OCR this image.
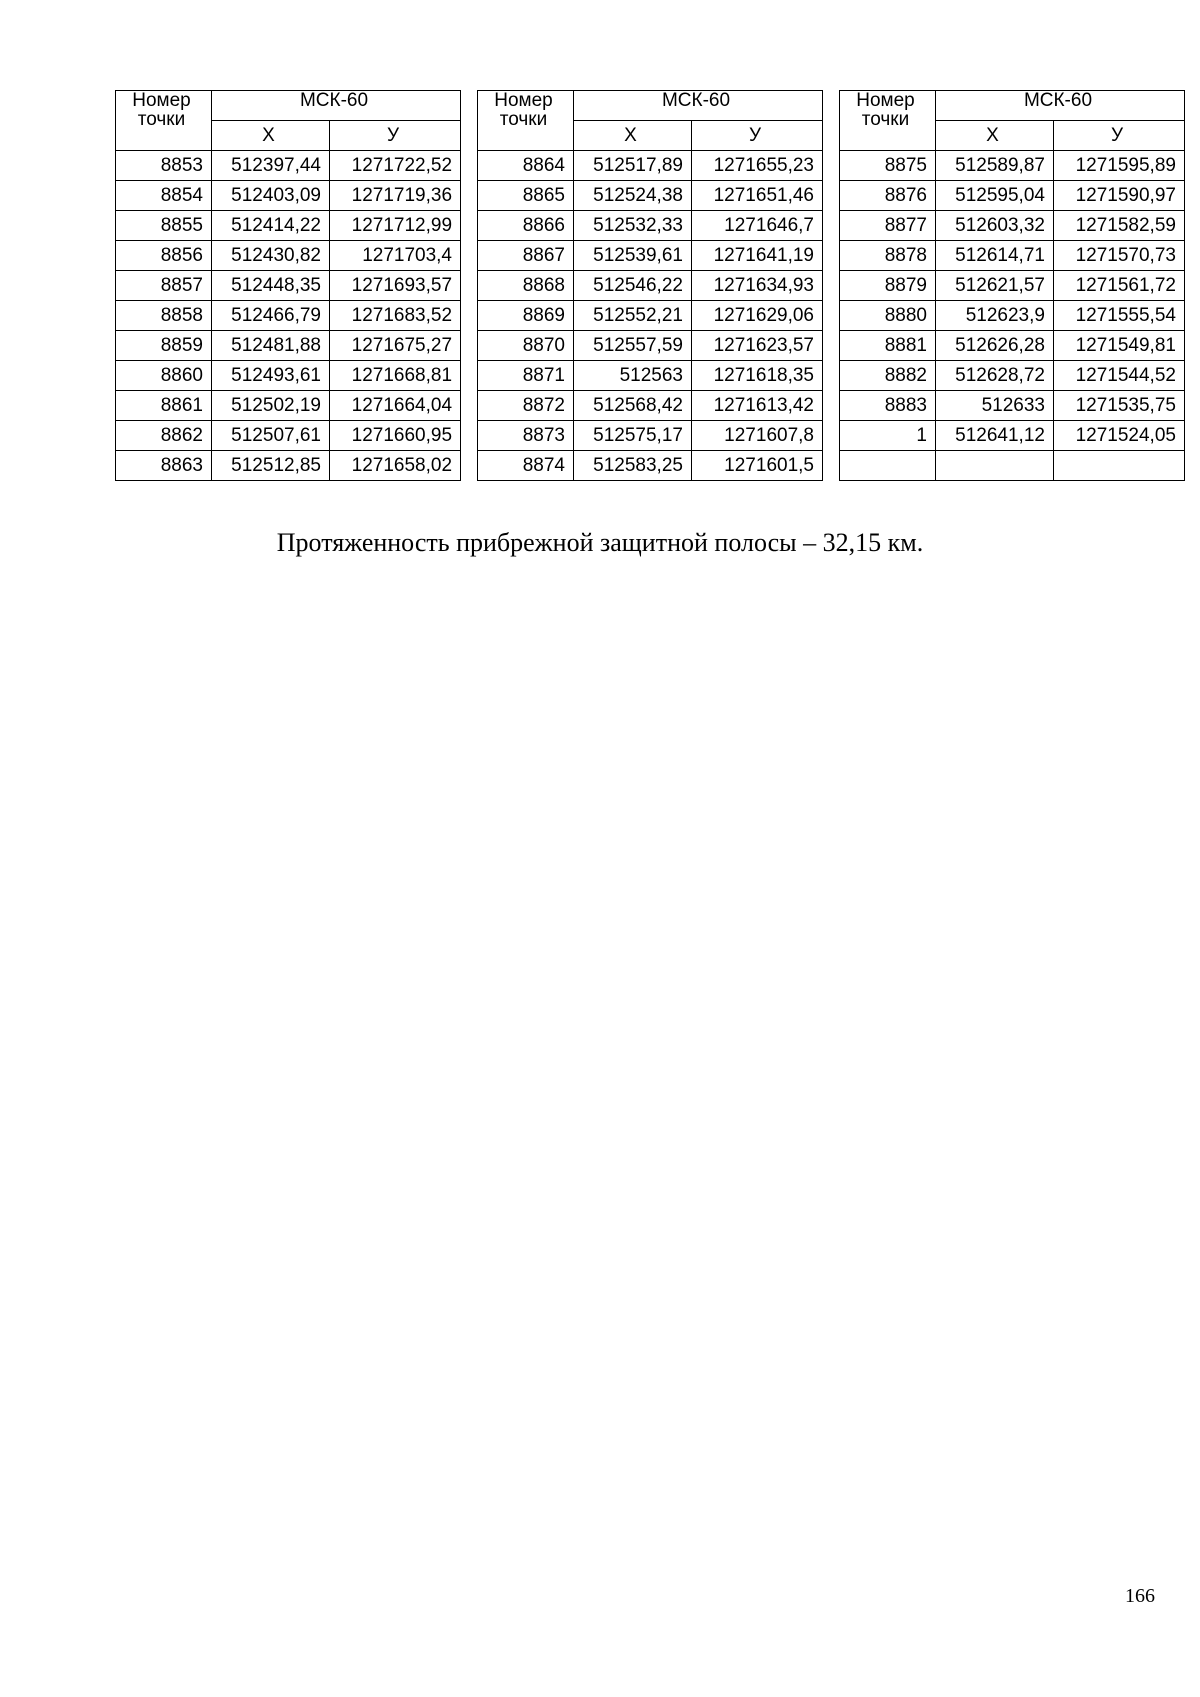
Номер точки	МСК-60	
	Х	У
8853	512397,44	1271722,52
8854	512403,09	1271719,36
8855	512414,22	1271712,99
8856	512430,82	1271703,4
8857	512448,35	1271693,57
8858	512466,79	1271683,52
8859	512481,88	1271675,27
8860	512493,61	1271668,81
8861	512502,19	1271664,04
8862	512507,61	1271660,95
8863	512512,85	1271658,02
Номер точки	МСК-60	
	Х	У
8864	512517,89	1271655,23
8865	512524,38	1271651,46
8866	512532,33	1271646,7
8867	512539,61	1271641,19
8868	512546,22	1271634,93
8869	512552,21	1271629,06
8870	512557,59	1271623,57
8871	512563	1271618,35
8872	512568,42	1271613,42
8873	512575,17	1271607,8
8874	512583,25	1271601,5
Номер точки	МСК-60	
	Х	У
8875	512589,87	1271595,89
8876	512595,04	1271590,97
8877	512603,32	1271582,59
8878	512614,71	1271570,73
8879	512621,57	1271561,72
8880	512623,9	1271555,54
8881	512626,28	1271549,81
8882	512628,72	1271544,52
8883	512633	1271535,75
1	512641,12	1271524,05

Протяженность прибрежной защитной полосы – 32,15 км.
166
